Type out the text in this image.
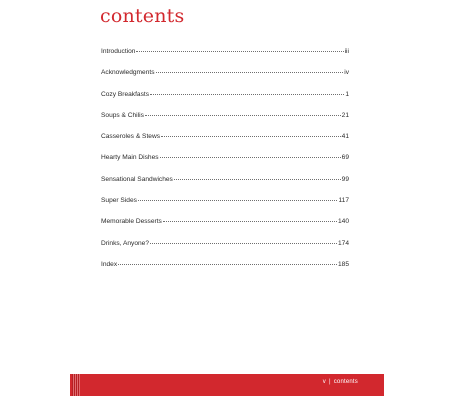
contents
Introduction	iii
Acknowledgments	iv
Cozy Breakfasts	1
Soups & Chilis	21
Casseroles & Stews	41
Hearty Main Dishes	69
Sensational Sandwiches	99
Super Sides	117
Memorable Desserts	140
Drinks, Anyone?	174
Index	185
v | contents
